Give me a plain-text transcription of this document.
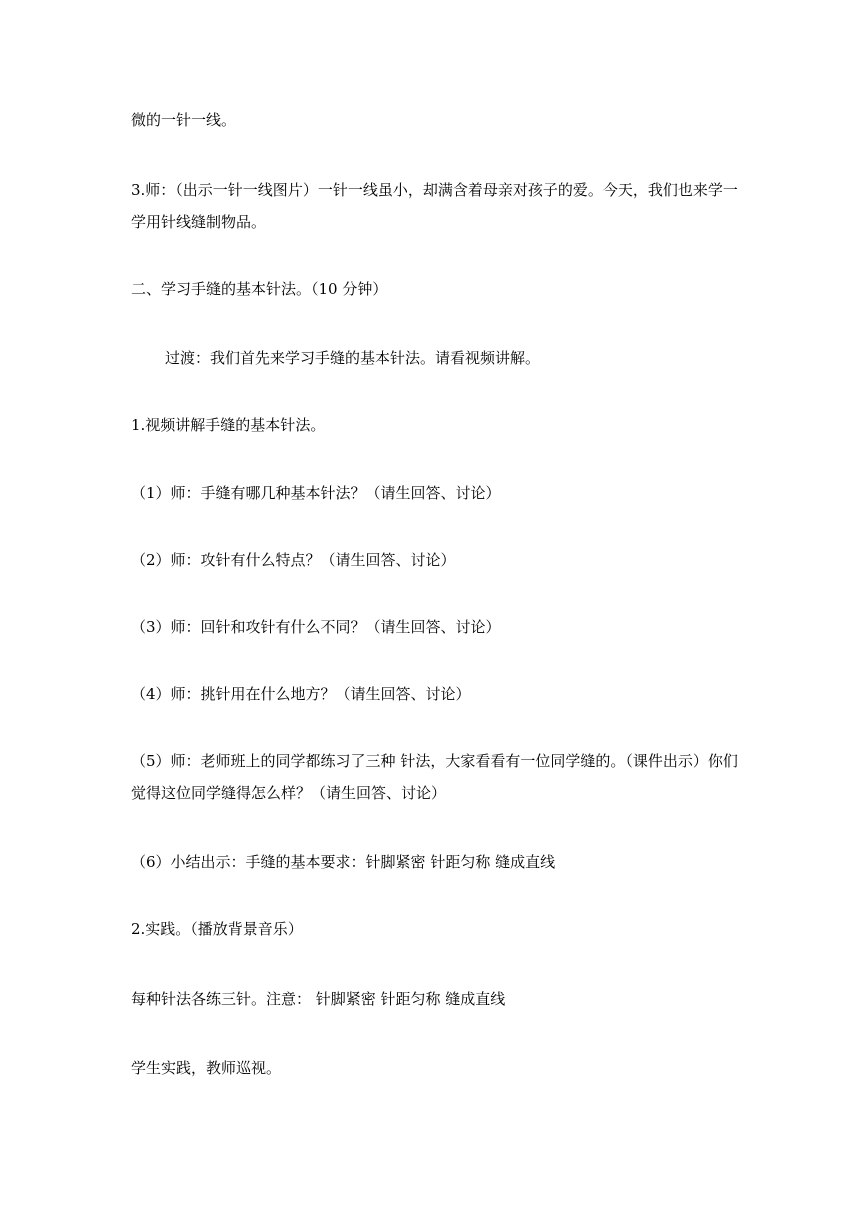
微的一针一线。

3.师：（出示一针一线图片）一针一线虽小，却满含着母亲对孩子的爱。今天，我们也来学一学用针线缝制物品。

二、学习手缝的基本针法。（10 分钟）

过渡：我们首先来学习手缝的基本针法。请看视频讲解。

1.视频讲解手缝的基本针法。

（1）师：手缝有哪几种基本针法？（请生回答、讨论）

（2）师：攻针有什么特点？（请生回答、讨论）

（3）师：回针和攻针有什么不同？（请生回答、讨论）

（4）师：挑针用在什么地方？（请生回答、讨论）

（5）师：老师班上的同学都练习了三种 针法，大家看看有一位同学缝的。（课件出示）你们觉得这位同学缝得怎么样？（请生回答、讨论）

（6）小结出示：手缝的基本要求：针脚紧密 针距匀称 缝成直线

2.实践。（播放背景音乐）

每种针法各练三针。注意： 针脚紧密 针距匀称 缝成直线

学生实践，教师巡视。
